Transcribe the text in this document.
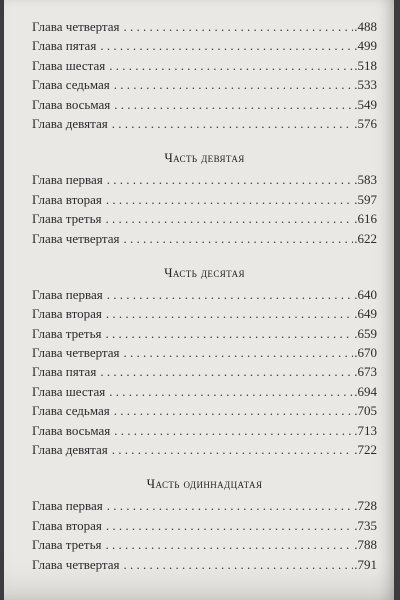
Глава четвертая . . .	.488
Глава пятая . . .	.499
Глава шестая . . .	.518
Глава седьмая . . .	.533
Глава восьмая . . .	.549
Глава девятая . . .	.576
Часть девятая
Глава первая . . .	.583
Глава вторая . . .	.597
Глава третья . . .	.616
Глава четвертая . . .	.622
Часть десятая
Глава первая . . .	.640
Глава вторая . . .	.649
Глава третья . . .	.659
Глава четвертая . . .	.670
Глава пятая . . .	.673
Глава шестая . . .	.694
Глава седьмая . . .	.705
Глава восьмая . . .	.713
Глава девятая . . .	.722
Часть одиннадцатая
Глава первая . . .	.728
Глава вторая . . .	.735
Глава третья . . .	.788
Глава четвертая . . .	.791
